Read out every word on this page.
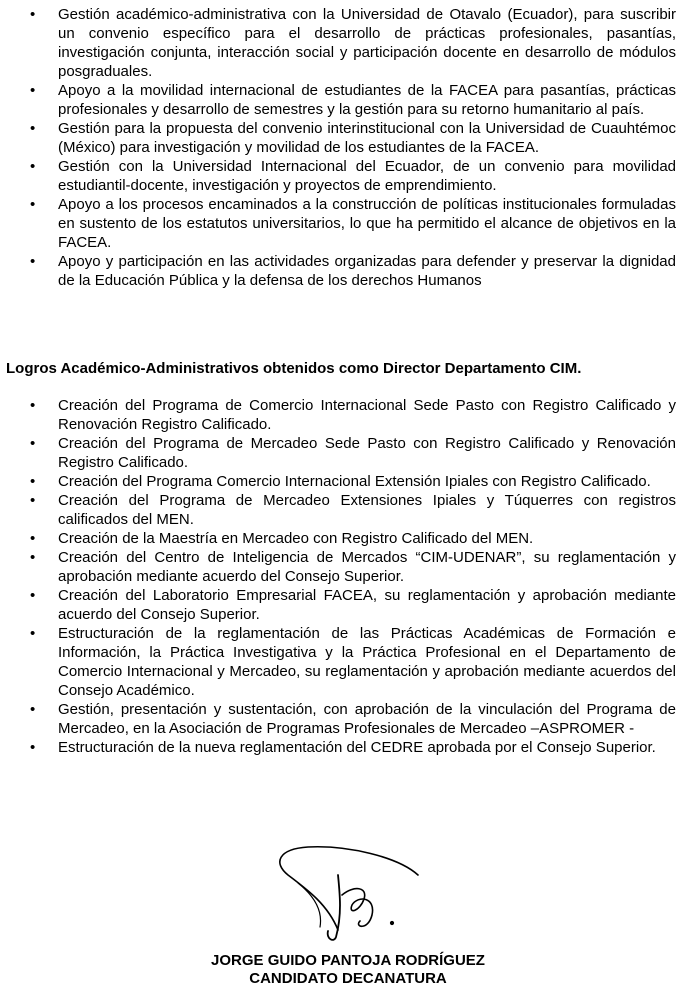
• Gestión académico-administrativa con la Universidad de Otavalo (Ecuador), para suscribir un convenio específico para el desarrollo de prácticas profesionales, pasantías, investigación conjunta, interacción social y participación docente en desarrollo de módulos posgraduales.
• Apoyo a la movilidad internacional de estudiantes de la FACEA para pasantías, prácticas profesionales y desarrollo de semestres y la gestión para su retorno humanitario al país.
• Gestión para la propuesta del convenio interinstitucional con la Universidad de Cuauhtémoc (México) para investigación y movilidad de los estudiantes de la FACEA.
• Gestión con la Universidad Internacional del Ecuador, de un convenio para movilidad estudiantil-docente, investigación y proyectos de emprendimiento.
• Apoyo a los procesos encaminados a la construcción de políticas institucionales formuladas en sustento de los estatutos universitarios, lo que ha permitido el alcance de objetivos en la FACEA.
• Apoyo y participación en las actividades organizadas para defender y preservar la dignidad de la Educación Pública y la defensa de los derechos Humanos
Logros Académico-Administrativos obtenidos como Director Departamento CIM.
• Creación del Programa de Comercio Internacional Sede Pasto con Registro Calificado y Renovación Registro Calificado.
• Creación del Programa de Mercadeo Sede Pasto con Registro Calificado y Renovación Registro Calificado.
• Creación del Programa Comercio Internacional Extensión Ipiales con Registro Calificado.
• Creación del Programa de Mercadeo Extensiones Ipiales y Túquerres con registros calificados del MEN.
• Creación de la Maestría en Mercadeo con Registro Calificado del MEN.
• Creación del Centro de Inteligencia de Mercados “CIM-UDENAR”, su reglamentación y aprobación mediante acuerdo del Consejo Superior.
• Creación del Laboratorio Empresarial FACEA, su reglamentación y aprobación mediante acuerdo del Consejo Superior.
• Estructuración de la reglamentación de las Prácticas Académicas de Formación e Información, la Práctica Investigativa y la Práctica Profesional en el Departamento de Comercio Internacional y Mercadeo, su reglamentación y aprobación mediante acuerdos del Consejo Académico.
• Gestión, presentación y sustentación, con aprobación de la vinculación del Programa de Mercadeo, en la Asociación de Programas Profesionales de Mercadeo –ASPROMER -
• Estructuración de la nueva reglamentación del CEDRE aprobada por el Consejo Superior.
JORGE GUIDO PANTOJA RODRÍGUEZ
CANDIDATO DECANATURA
